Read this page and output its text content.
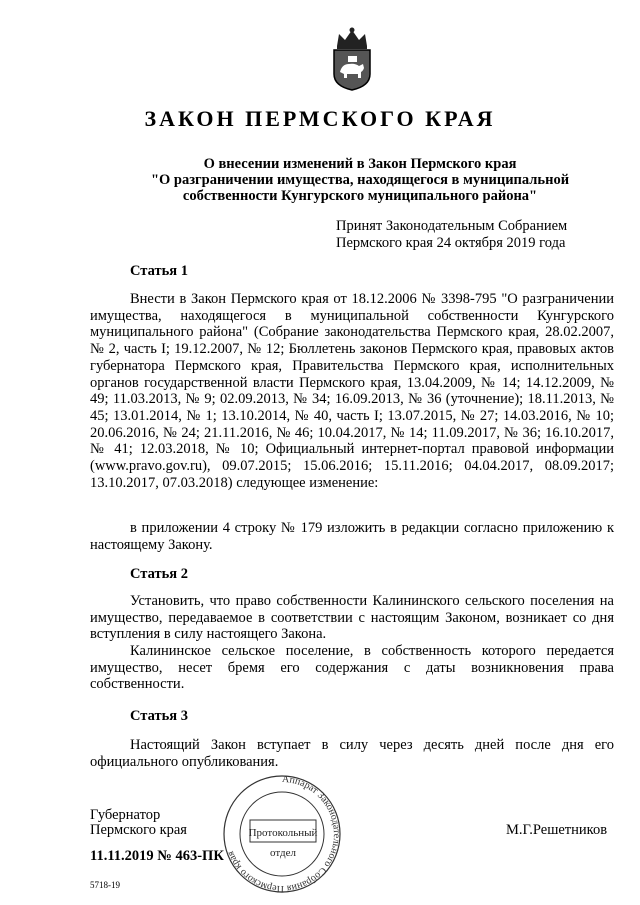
ЗАКОН ПЕРМСКОГО КРАЯ
О внесении изменений в Закон Пермского края
"О разграничении имущества, находящегося в муниципальной
собственности Кунгурского муниципального района"
Принят Законодательным Собранием
Пермского края 24 октября 2019 года
Статья 1

Внести в Закон Пермского края от 18.12.2006 № 3398-795 "О разграничении имущества, находящегося в муниципальной собственности Кунгурского муниципального района" (Собрание законодательства Пермского края, 28.02.2007, № 2, часть I; 19.12.2007, № 12; Бюллетень законов Пермского края, правовых актов губернатора Пермского края, Правительства Пермского края, исполнительных органов государственной власти Пермского края, 13.04.2009, № 14; 14.12.2009, № 49; 11.03.2013, № 9; 02.09.2013, № 34; 16.09.2013, № 36 (уточнение); 18.11.2013, № 45; 13.01.2014, № 1; 13.10.2014, № 40, часть I; 13.07.2015, № 27; 14.03.2016, № 10; 20.06.2016, № 24; 21.11.2016, № 46; 10.04.2017, № 14; 11.09.2017, № 36; 16.10.2017, № 41; 12.03.2018, № 10; Официальный интернет-портал правовой информации (www.pravo.gov.ru), 09.07.2015; 15.06.2016; 15.11.2016; 04.04.2017, 08.09.2017; 13.10.2017, 07.03.2018) следующее изменение:

в приложении 4 строку № 179 изложить в редакции согласно приложению к настоящему Закону.

Статья 2

Установить, что право собственности Калининского сельского поселения на имущество, передаваемое в соответствии с настоящим Законом, возникает со дня вступления в силу настоящего Закона.

Калининское сельское поселение, в собственность которого передается имущество, несет бремя его содержания с даты возникновения права собственности.

Статья 3

Настоящий Закон вступает в силу через десять дней после дня его официального опубликования.

Губернатор
Пермского края	М.Г.Решетников
11.11.2019 № 463-ПК
5718-19
Аппарат Законодательного Собрания Пермского края
Протокольный
отдел
